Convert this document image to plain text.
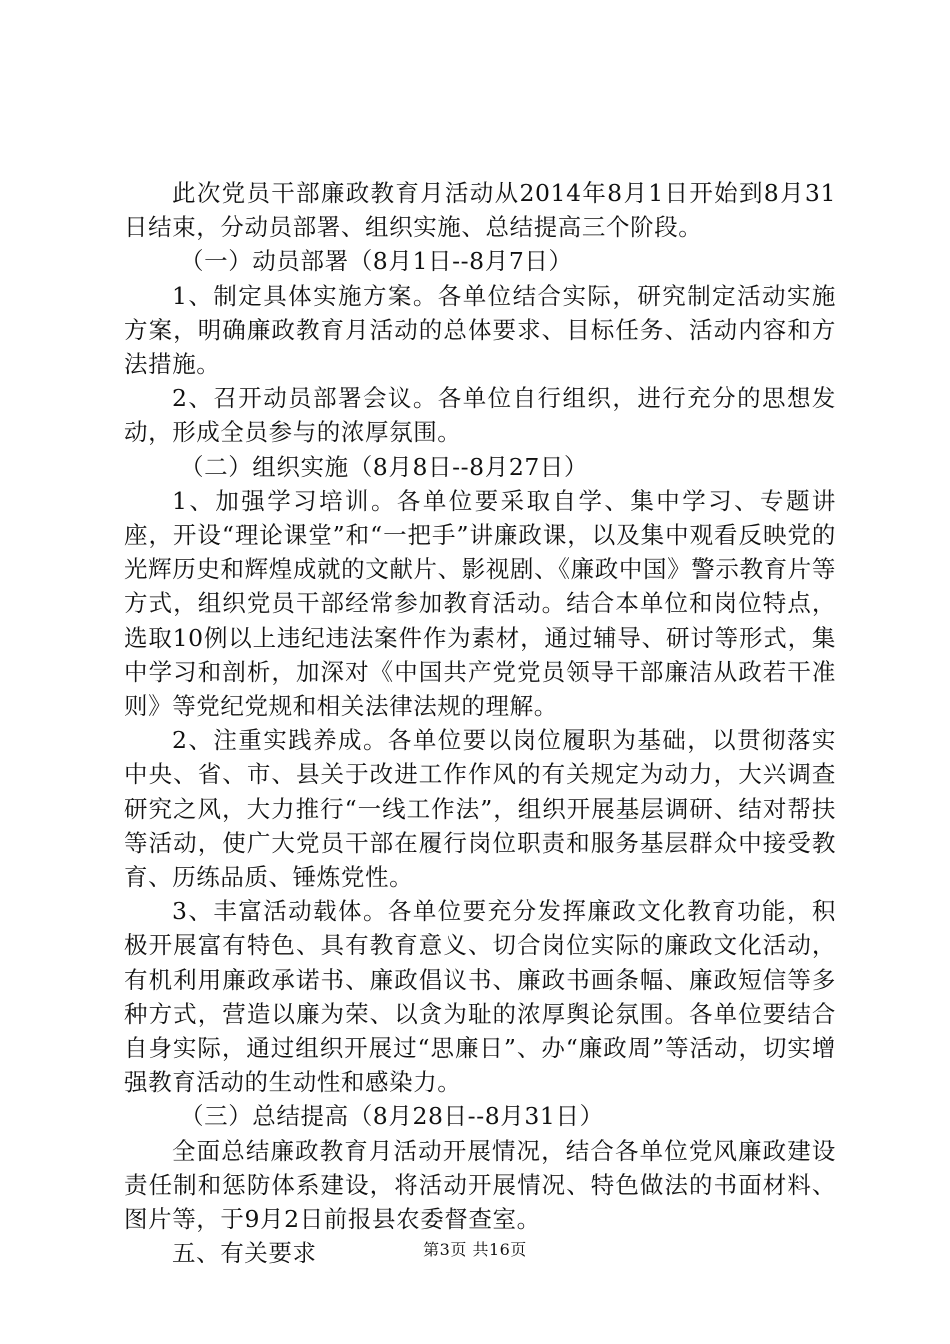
此次党员干部廉政教育月活动从2014年8月1日开始到8月31日结束，分动员部署、组织实施、总结提高三个阶段。

（一）动员部署（8月1日--8月7日）

1、制定具体实施方案。各单位结合实际，研究制定活动实施方案，明确廉政教育月活动的总体要求、目标任务、活动内容和方法措施。

2、召开动员部署会议。各单位自行组织，进行充分的思想发动，形成全员参与的浓厚氛围。

（二）组织实施（8月8日--8月27日）

1、加强学习培训。各单位要采取自学、集中学习、专题讲座，开设“理论课堂”和“一把手”讲廉政课，以及集中观看反映党的光辉历史和辉煌成就的文献片、影视剧、《廉政中国》警示教育片等方式，组织党员干部经常参加教育活动。结合本单位和岗位特点，选取10例以上违纪违法案件作为素材，通过辅导、研讨等形式，集中学习和剖析，加深对《中国共产党党员领导干部廉洁从政若干准则》等党纪党规和相关法律法规的理解。

2、注重实践养成。各单位要以岗位履职为基础，以贯彻落实中央、省、市、县关于改进工作作风的有关规定为动力，大兴调查研究之风，大力推行“一线工作法”，组织开展基层调研、结对帮扶等活动，使广大党员干部在履行岗位职责和服务基层群众中接受教育、历练品质、锤炼党性。

3、丰富活动载体。各单位要充分发挥廉政文化教育功能，积极开展富有特色、具有教育意义、切合岗位实际的廉政文化活动，有机利用廉政承诺书、廉政倡议书、廉政书画条幅、廉政短信等多种方式，营造以廉为荣、以贪为耻的浓厚舆论氛围。各单位要结合自身实际，通过组织开展过“思廉日”、办“廉政周”等活动，切实增强教育活动的生动性和感染力。

（三）总结提高（8月28日--8月31日）

全面总结廉政教育月活动开展情况，结合各单位党风廉政建设责任制和惩防体系建设，将活动开展情况、特色做法的书面材料、图片等，于9月2日前报县农委督查室。

五、有关要求	第3页 共16页
